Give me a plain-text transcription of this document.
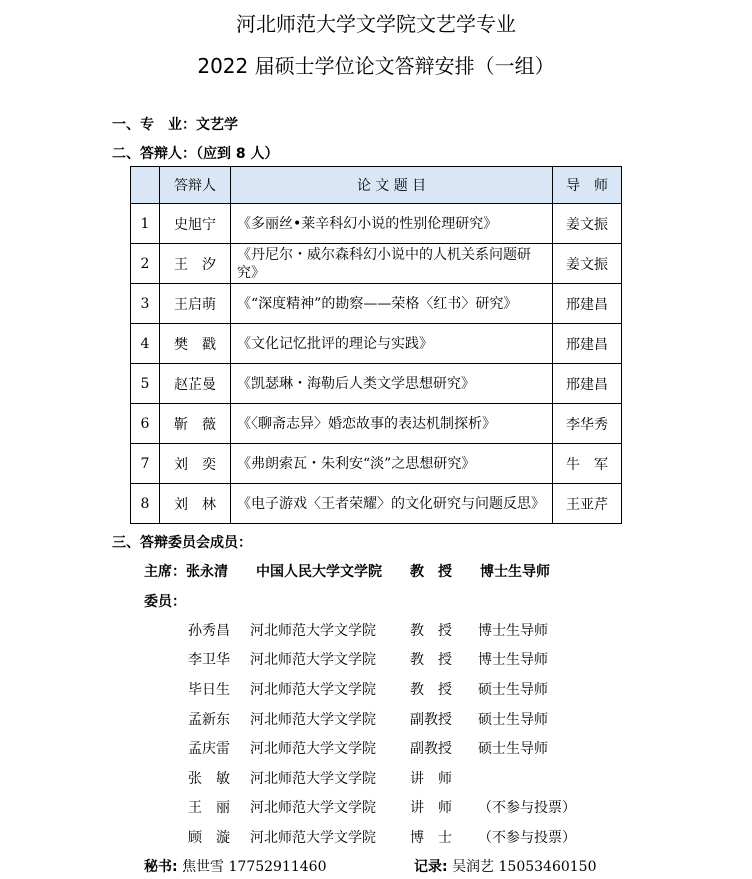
河北师范大学文学院文艺学专业
2022 届硕士学位论文答辩安排（一组）
一、专　业：文艺学
二、答辩人：（应到 8 人）
	答辩人	论 文 题 目	导　师
1	史旭宁	《多丽丝•莱辛科幻小说的性别伦理研究》	姜文振
2	王　汐	《丹尼尔・威尔森科幻小说中的人机关系问题研究》	姜文振
3	王启萌	《“深度精神”的勘察——荣格〈红书〉研究》	邢建昌
4	樊　戳	《文化记忆批评的理论与实践》	邢建昌
5	赵芷曼	《凯瑟琳・海勒后人类文学思想研究》	邢建昌
6	靳　薇	《〈聊斋志异〉婚恋故事的表达机制探析》	李华秀
7	刘　奕	《弗朗索瓦・朱利安“淡”之思想研究》	牛　军
8	刘　林	《电子游戏〈王者荣耀〉的文化研究与问题反思》	王亚芹
三、答辩委员会成员：
主席：张永清　　中国人民大学文学院　　教　授　　博士生导师
委员：
孙秀昌 河北师范大学文学院 教　授 博士生导师
李卫华 河北师范大学文学院 教　授 博士生导师
毕日生 河北师范大学文学院 教　授 硕士生导师
孟新东 河北师范大学文学院 副教授 硕士生导师
孟庆雷 河北师范大学文学院 副教授 硕士生导师
张　敏 河北师范大学文学院 讲　师
王　丽 河北师范大学文学院 讲　师 （不参与投票）
顾　漩 河北师范大学文学院 博　士 （不参与投票）
秘书: 焦世雪 17752911460	记录: 吴润艺 15053460150
